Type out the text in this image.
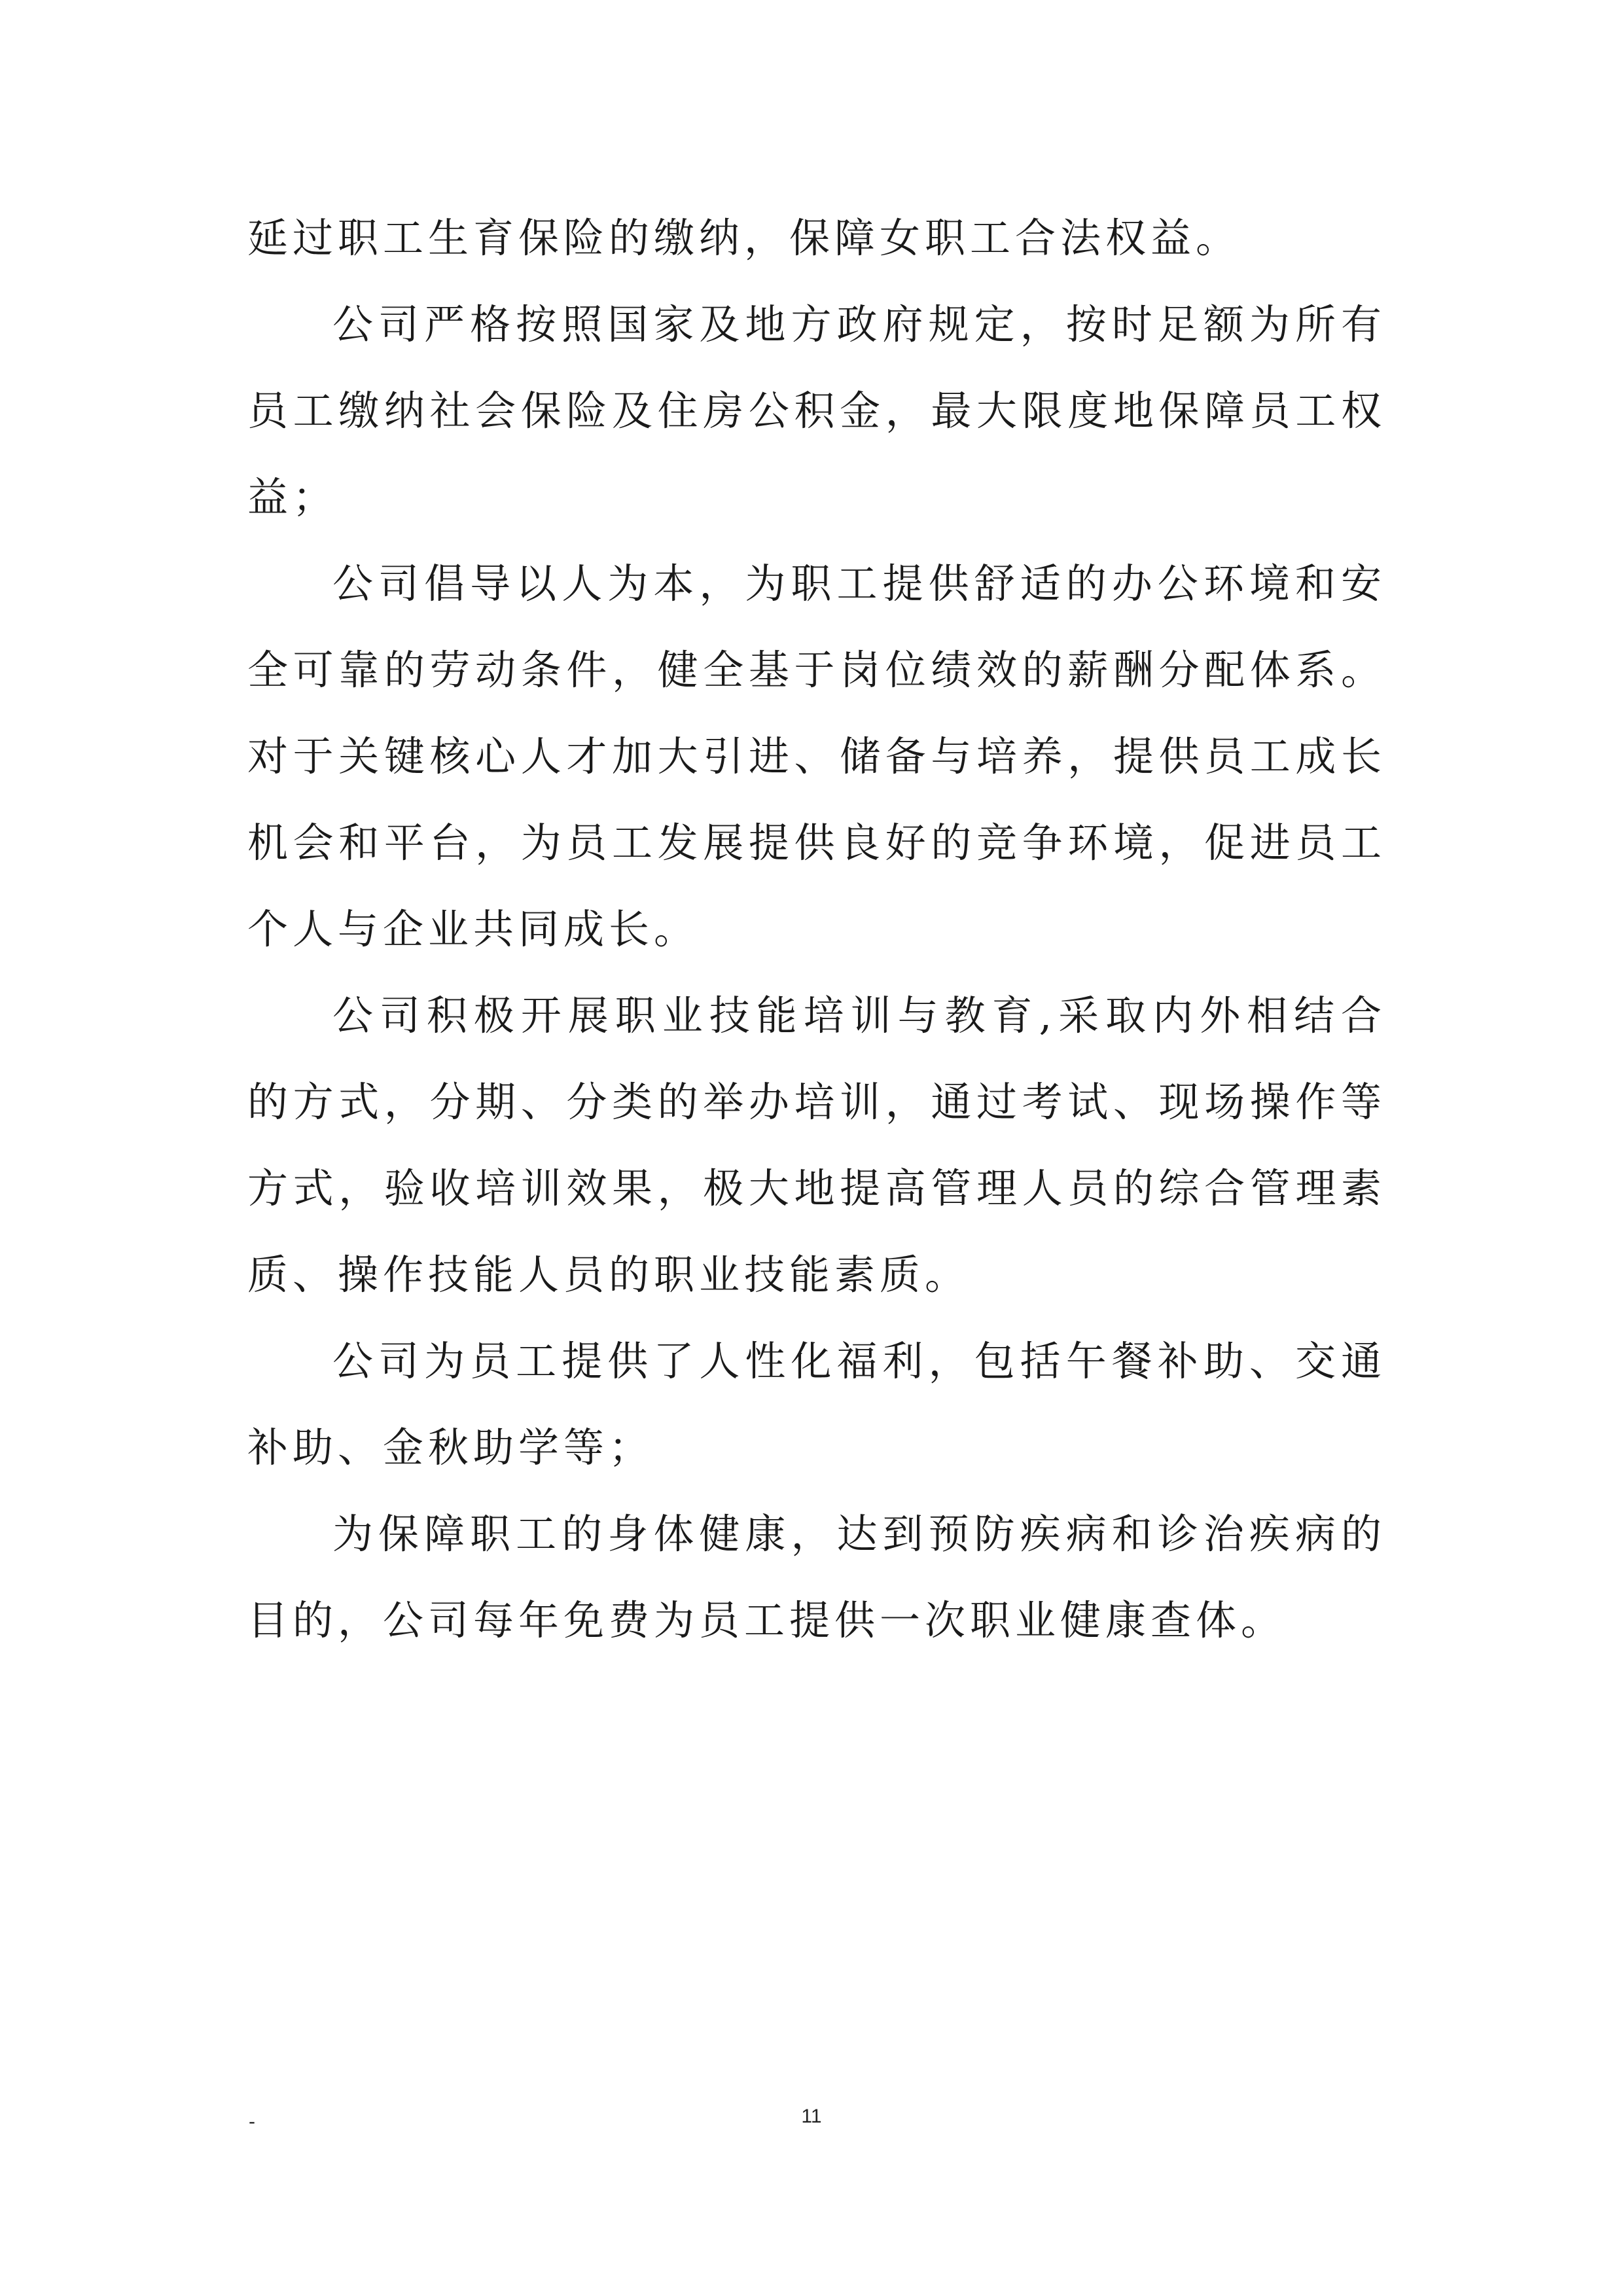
延过职工生育保险的缴纳，保障女职工合法权益。

公司严格按照国家及地方政府规定，按时足额为所有员工缴纳社会保险及住房公积金，最大限度地保障员工权益；

公司倡导以人为本，为职工提供舒适的办公环境和安全可靠的劳动条件，健全基于岗位绩效的薪酬分配体系。对于关键核心人才加大引进、储备与培养，提供员工成长机会和平台，为员工发展提供良好的竞争环境，促进员工个人与企业共同成长。

公司积极开展职业技能培训与教育,采取内外相结合的方式，分期、分类的举办培训，通过考试、现场操作等方式，验收培训效果，极大地提高管理人员的综合管理素质、操作技能人员的职业技能素质。

公司为员工提供了人性化福利，包括午餐补助、交通补助、金秋助学等；

为保障职工的身体健康，达到预防疾病和诊治疾病的目的，公司每年免费为员工提供一次职业健康查体。

-	11
